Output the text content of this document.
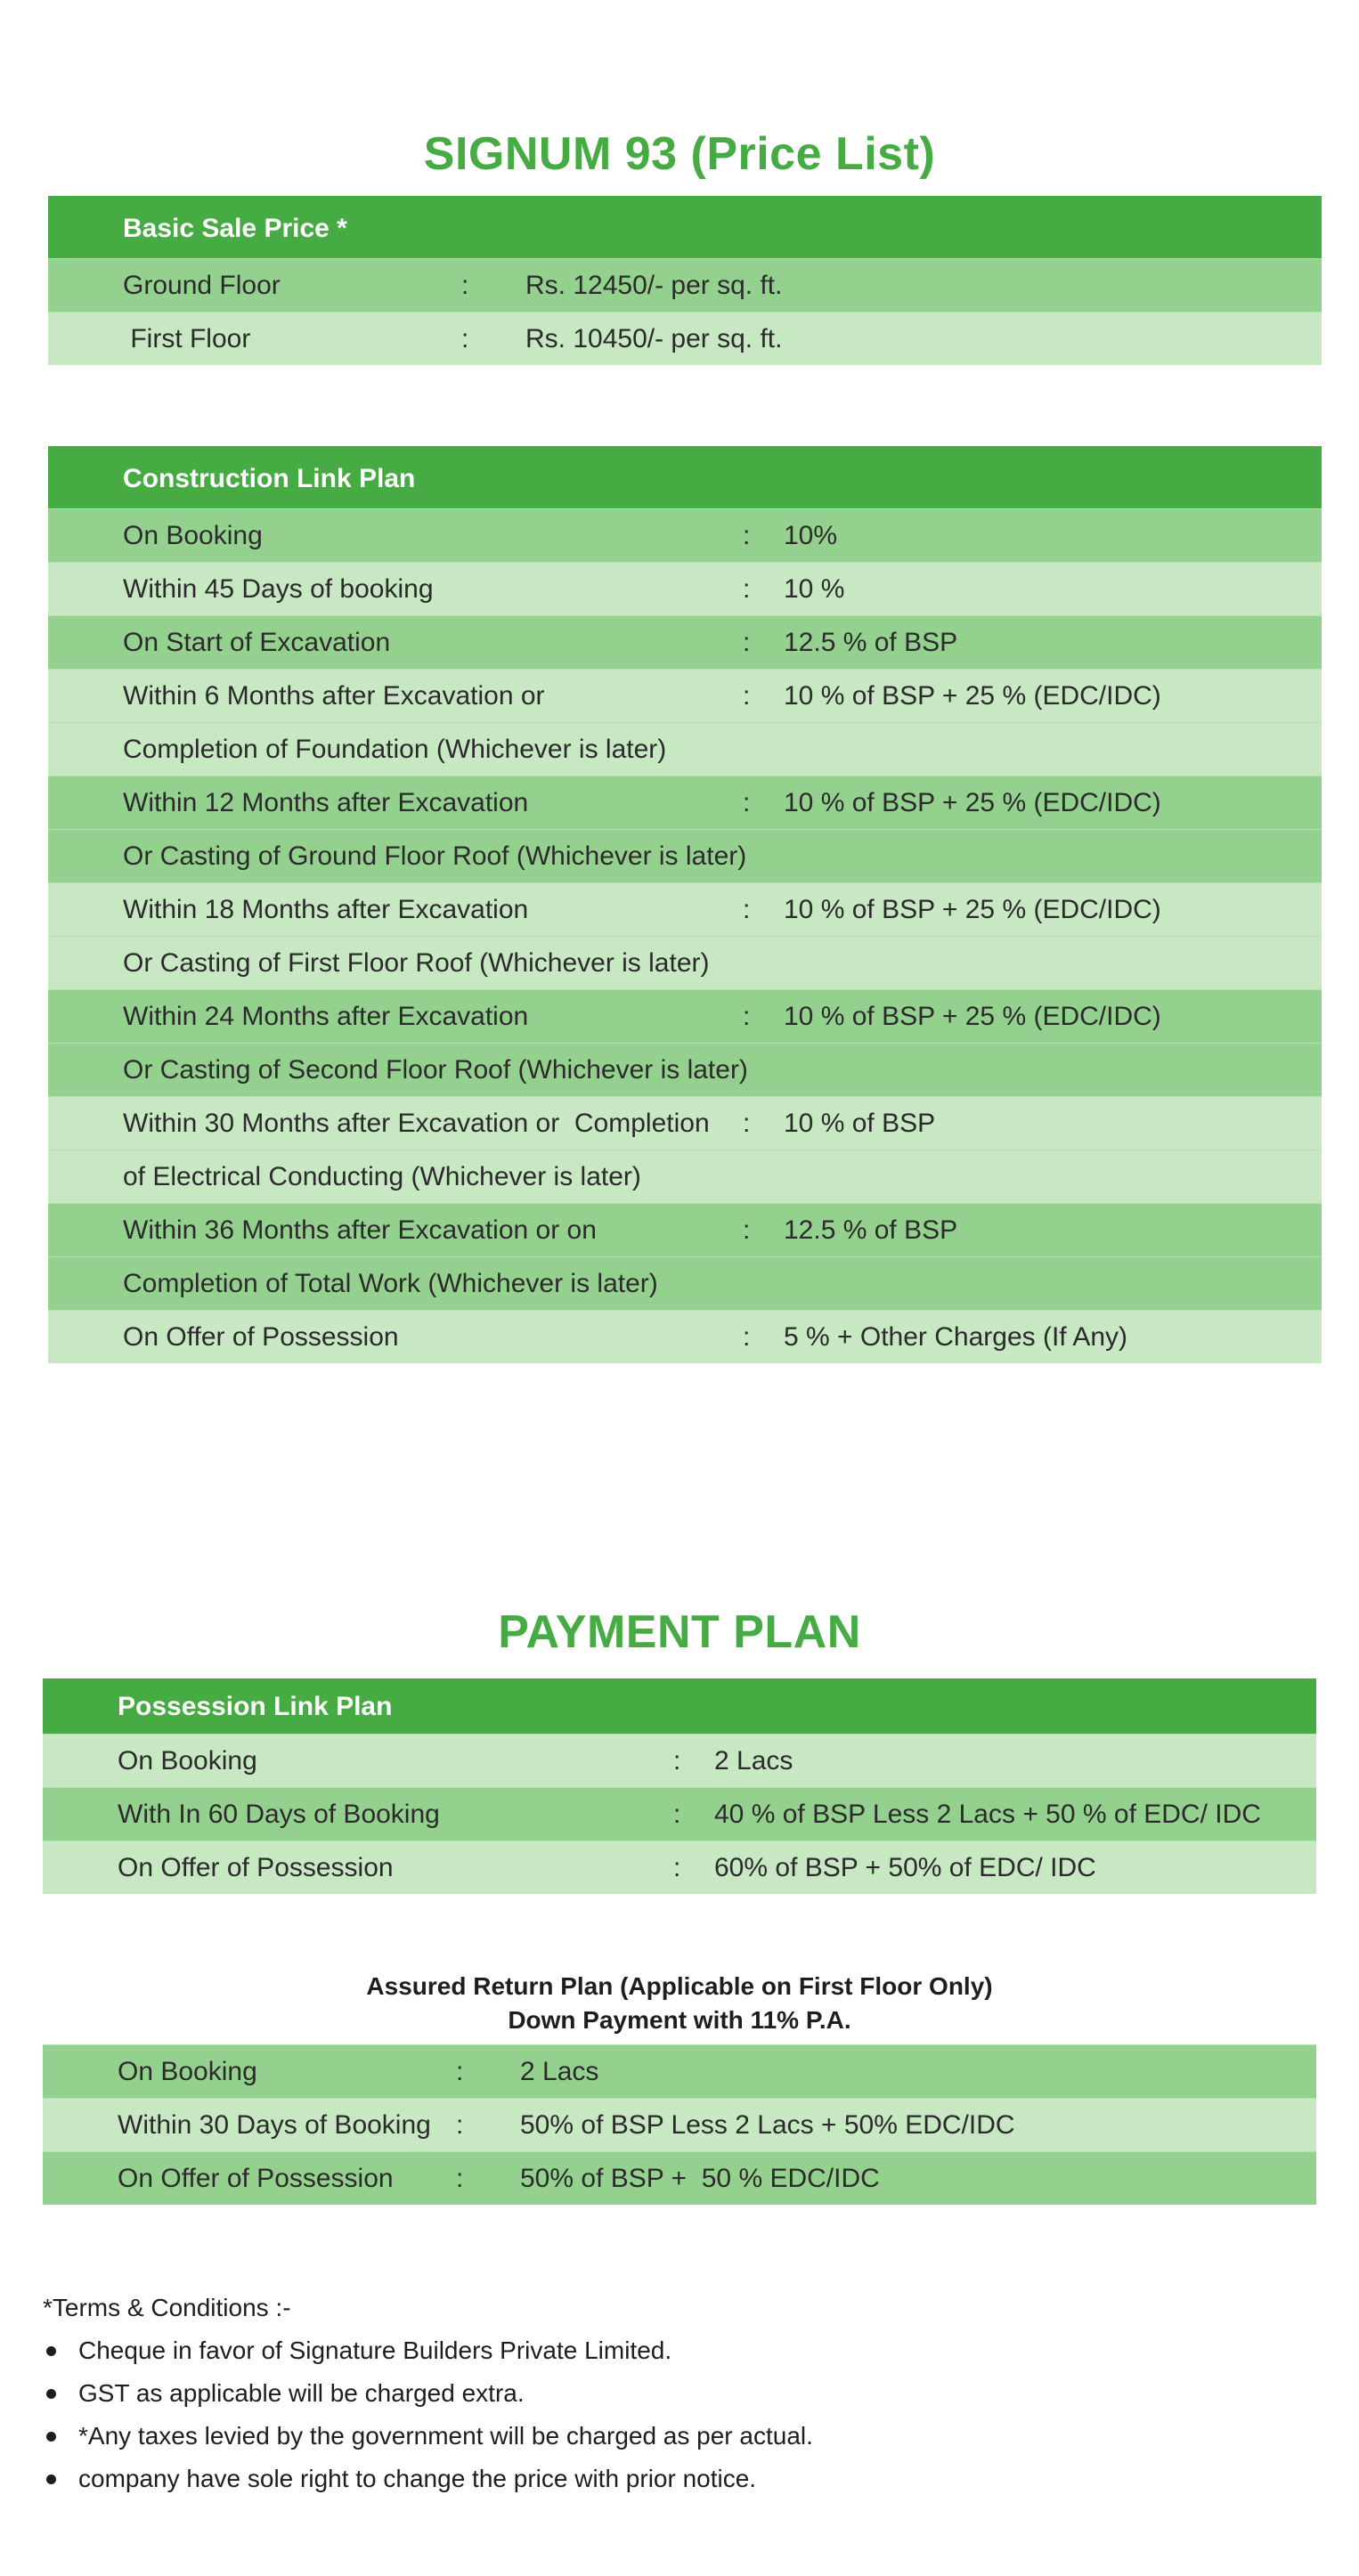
SIGNUM 93 (Price List)
Basic Sale Price *
Ground Floor	: Rs. 12450/- per sq. ft.
First Floor	: Rs. 10450/- per sq. ft.
Construction Link Plan
On Booking	: 10%
Within 45 Days of booking	: 10 %
On Start of Excavation	: 12.5 % of BSP
Within 6 Months after Excavation or	: 10 % of BSP + 25 % (EDC/IDC)
Completion of Foundation (Whichever is later)
Within 12 Months after Excavation	: 10 % of BSP + 25 % (EDC/IDC)
Or Casting of Ground Floor Roof (Whichever is later)
Within 18 Months after Excavation	: 10 % of BSP + 25 % (EDC/IDC)
Or Casting of First Floor Roof (Whichever is later)
Within 24 Months after Excavation	: 10 % of BSP + 25 % (EDC/IDC)
Or Casting of Second Floor Roof (Whichever is later)
Within 30 Months after Excavation or  Completion : 10 % of BSP
of Electrical Conducting (Whichever is later)
Within 36 Months after Excavation or on	: 12.5 % of BSP
Completion of Total Work (Whichever is later)
On Offer of Possession	: 5 % + Other Charges (If Any)
PAYMENT PLAN
Possession Link Plan
On Booking	: 2 Lacs
With In 60 Days of Booking	: 40 % of BSP Less 2 Lacs + 50 % of EDC/ IDC
On Offer of Possession	: 60% of BSP + 50% of EDC/ IDC
Assured Return Plan (Applicable on First Floor Only)
Down Payment with 11% P.A.
On Booking	: 2 Lacs
Within 30 Days of Booking : 50% of BSP Less 2 Lacs + 50% EDC/IDC
On Offer of Possession : 50% of BSP +  50 % EDC/IDC
*Terms & Conditions :-
Cheque in favor of Signature Builders Private Limited.
GST as applicable will be charged extra.
*Any taxes levied by the government will be charged as per actual.
company have sole right to change the price with prior notice.
